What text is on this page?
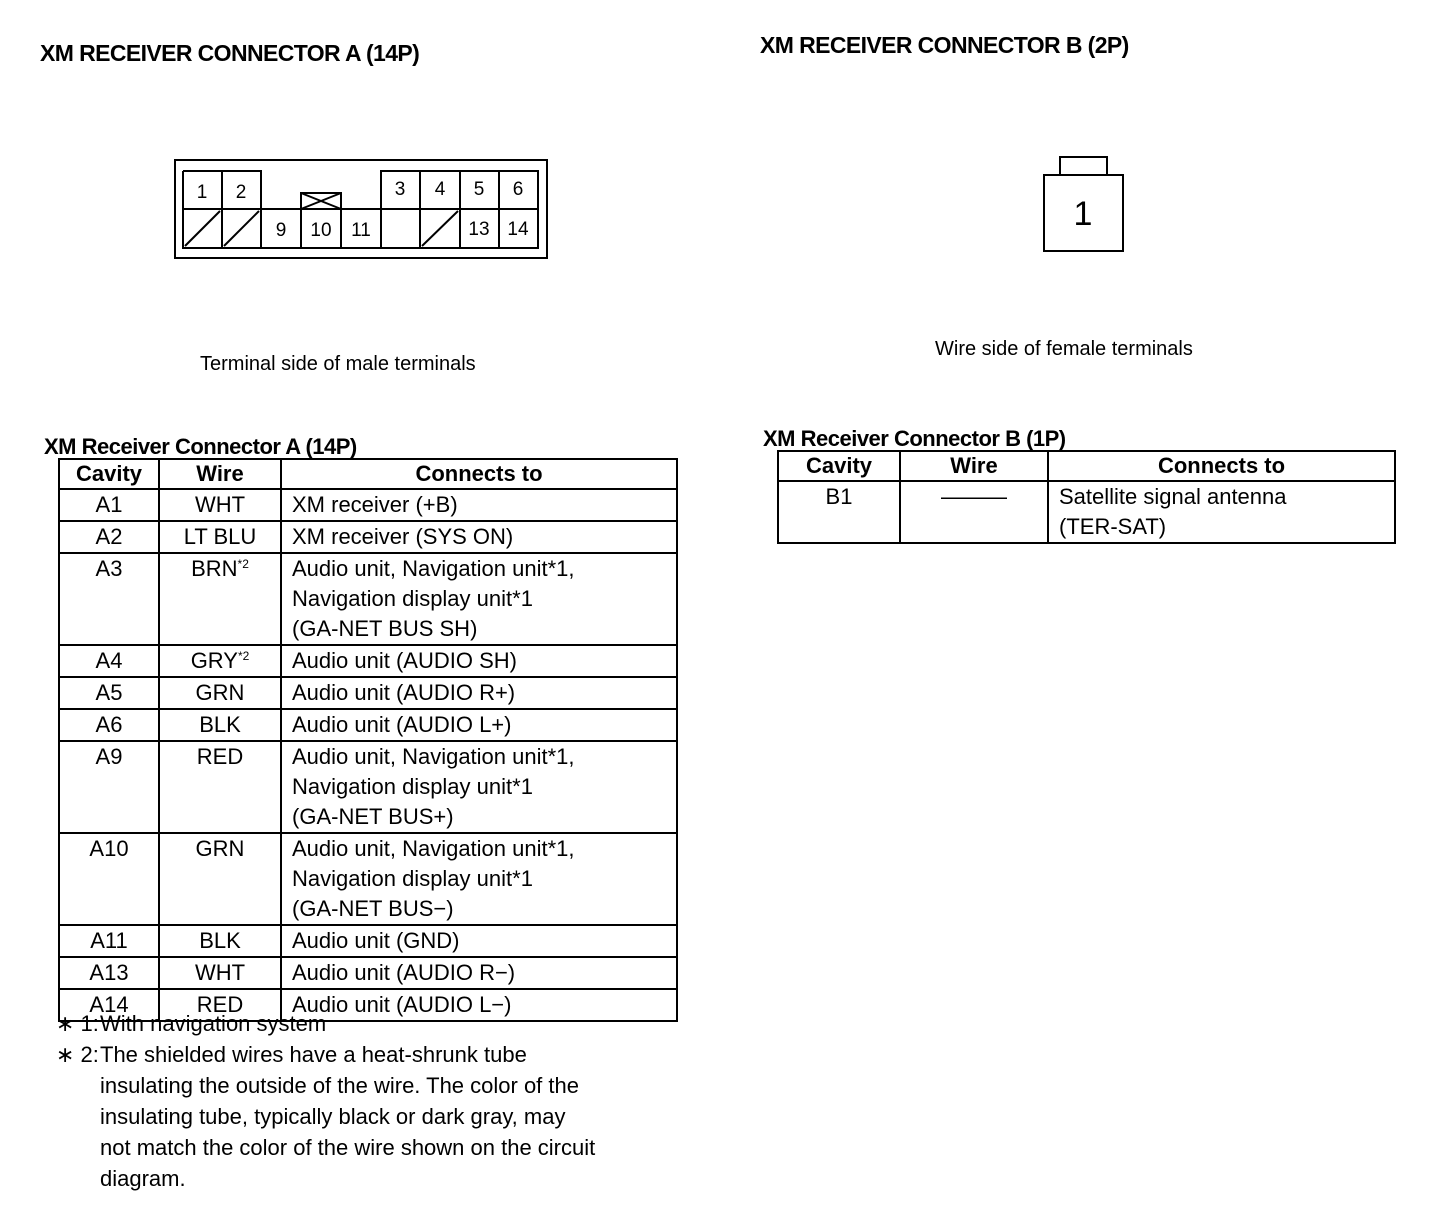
XM RECEIVER CONNECTOR A (14P)	XM RECEIVER CONNECTOR B (2P)
1 2	3 4 5 6
9 10 11	13 14	1
Terminal side of male terminals
Wire side of female terminals
XM Receiver Connector A (14P)
Cavity	Wire	Connects to
A1	WHT	XM receiver (+B)

A2	LT BLU	XM receiver (SYS ON)

A3	BRN$^{*2}$	Audio unit, Navigation unit*1,
Navigation display unit*1
(GA-NET BUS SH)

A4	GRY$^{*2}$	Audio unit (AUDIO SH)

A5	GRN	Audio unit (AUDIO R+)

A6	BLK	Audio unit (AUDIO L+)

A9	RED	Audio unit, Navigation unit*1,
Navigation display unit*1
(GA-NET BUS+)

A10	GRN	Audio unit, Navigation unit*1,
Navigation display unit*1
(GA-NET BUS−)

A11	BLK	Audio unit (GND)

A13	WHT	Audio unit (AUDIO R−)

A14	RED	Audio unit (AUDIO L−)
∗ 1:With navigation system
∗ 2:The shielded wires have a heat-shrunk tube
insulating the outside of the wire. The color of the
insulating tube, typically black or dark gray, may
not match the color of the wire shown on the circuit
diagram.
XM Receiver Connector B (1P)
Cavity	Wire	Connects to
B1	———	Satellite signal antenna
(TER-SAT)
